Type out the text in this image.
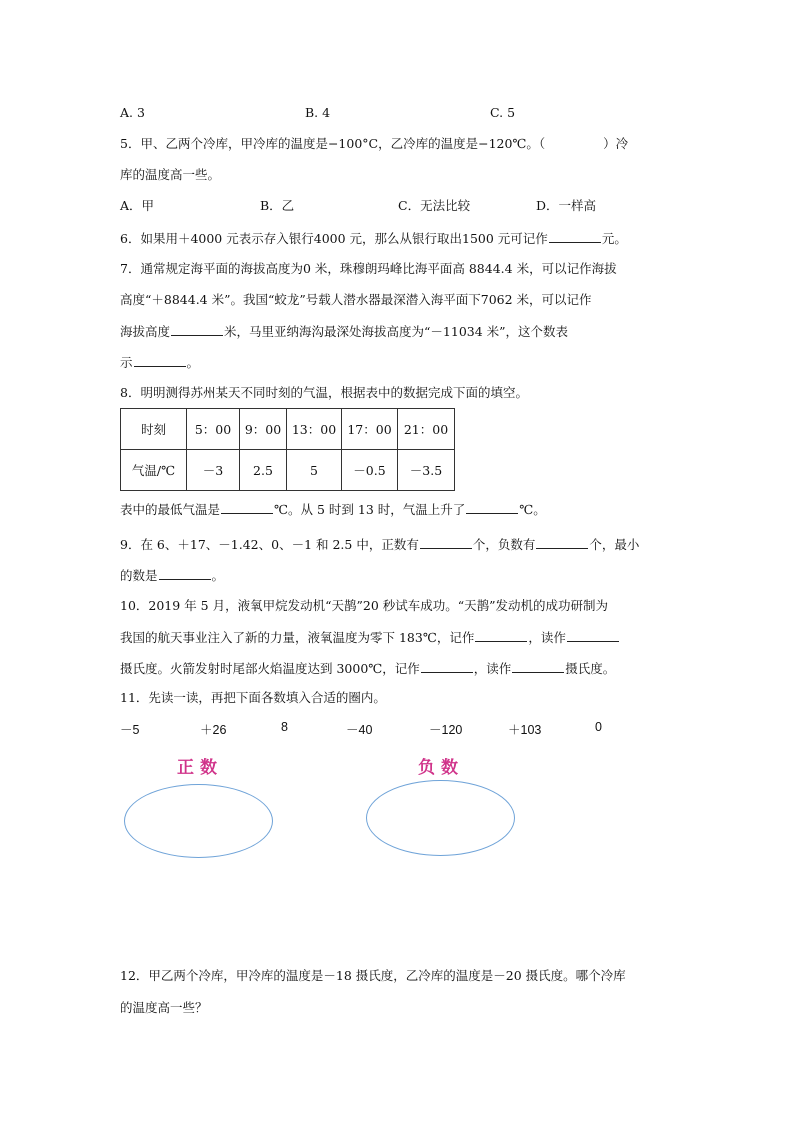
A. 3	B. 4	C. 5
5．甲、乙两个冷库，甲冷库的温度是−100°C，乙冷库的温度是−120℃。（	）冷
库的温度高一些。
A．甲	B．乙	C．无法比较	D．一样高
6．如果用＋4000 元表示存入银行4000 元，那么从银行取出1500 元可记作	元。
7．通常规定海平面的海拔高度为0 米，珠穆朗玛峰比海平面高 8844.4 米，可以记作海拔
高度“＋8844.4 米”。我国“蛟龙”号载人潜水器最深潜入海平面下7062 米，可以记作
海拔高度	米，马里亚纳海沟最深处海拔高度为“－11034 米”，这个数表
示	。
8．明明测得苏州某天不同时刻的气温，根据表中的数据完成下面的填空。
时刻	5：00	9：00	13：00	17：00	21：00
气温/℃	－3	2.5	5	－0.5	－3.5
表中的最低气温是	℃。从 5 时到 13 时，气温上升了	℃。
9．在 6、＋17、－1.42、0、－1 和 2.5 中，正数有	个，负数有	个，最小
的数是	。
10．2019 年 5 月，液氧甲烷发动机“天鹊”20 秒试车成功。“天鹊”发动机的成功研制为
我国的航天事业注入了新的力量，液氧温度为零下 183℃，记作	，读作
摄氏度。火箭发射时尾部火焰温度达到 3000℃，记作	，读作	摄氏度。
11．先读一读，再把下面各数填入合适的圈内。
－5	＋26	8	－40	－120	＋103	0
正数	负数
12．甲乙两个冷库，甲冷库的温度是－18 摄氏度，乙冷库的温度是－20 摄氏度。哪个冷库
的温度高一些？
